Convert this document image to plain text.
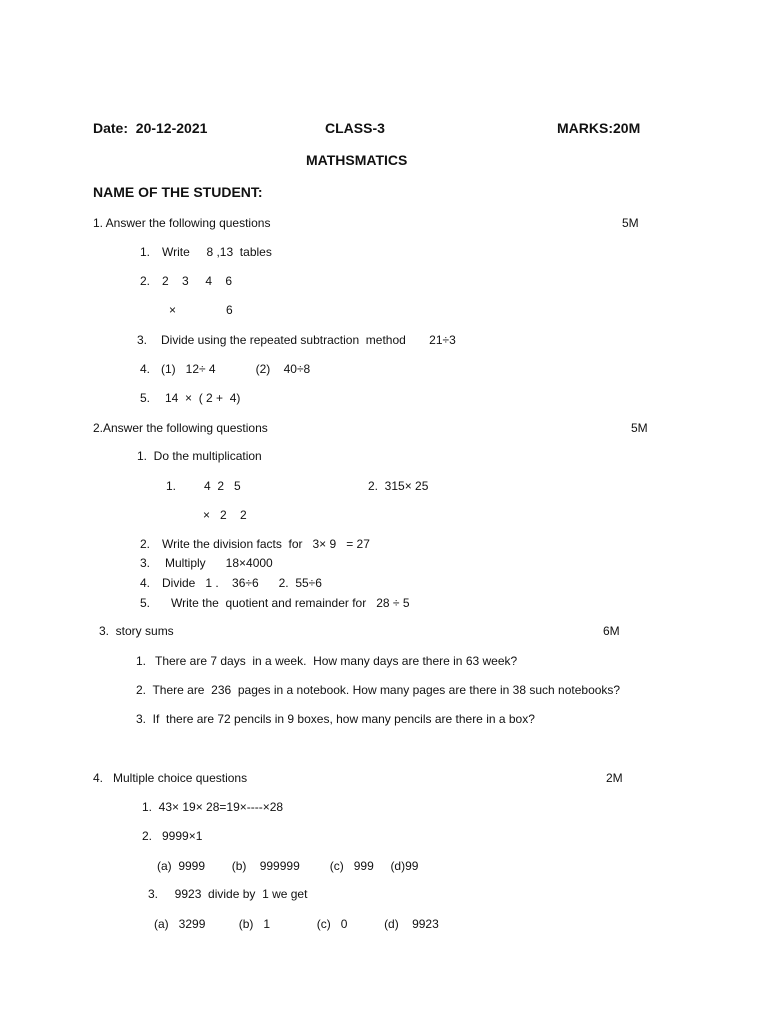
Date:  20-12-2021	CLASS-3	MARKS:20M
MATHSMATICS
NAME OF THE STUDENT:
1. Answer the following questions	5M
1. Write     8 ,13  tables
2. 2    3     4    6
×               6
3. Divide using the repeated subtraction  method       21÷3
4. (1)   12÷ 4            (2)    40÷8
5. 14  ×  ( 2 +  4)
2.Answer the following questions	5M
1.  Do the multiplication
1. 4  2   5	2.  315× 25
×   2    2
2. Write the division facts  for   3× 9   = 27
3. Multiply      18×4000
4. Divide   1 .    36÷6      2.  55÷6
5. Write the  quotient and remainder for   28 ÷ 5
3.  story sums	6M
1. There are 7 days  in a week.  How many days are there in 63 week?
2.  There are  236  pages in a notebook. How many pages are there in 38 such notebooks?
3.  If  there are 72 pencils in 9 boxes, how many pencils are there in a box?
4.   Multiple choice questions	2M
1.  43× 19× 28=19×----×28
2.   9999×1
(a)  9999        (b)    999999         (c)   999     (d)99
3.     9923  divide by  1 we get
(a)   3299          (b)   1              (c)   0           (d)    9923
